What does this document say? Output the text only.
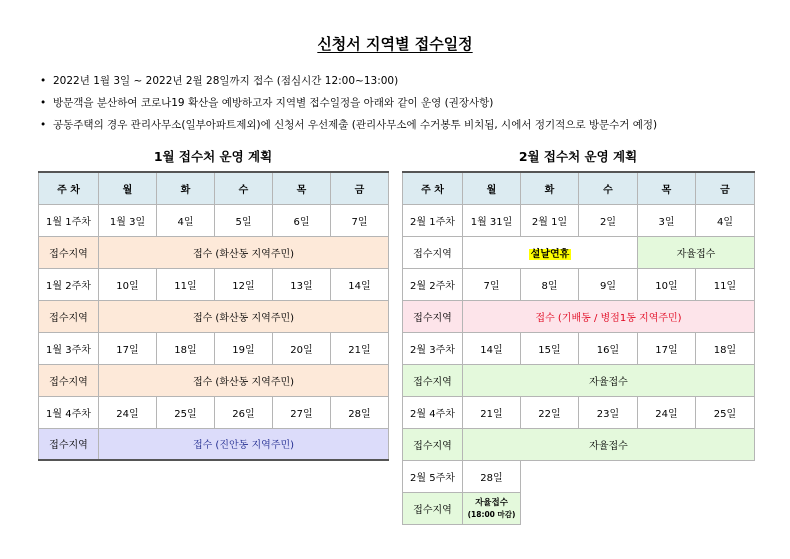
신청서 지역별 접수일정
• 2022년 1월 3일 ~ 2022년 2월 28일까지 접수 (점심시간 12:00~13:00)
• 방문객을 분산하여 코로나19 확산을 예방하고자 지역별 접수일정을 아래와 같이 운영 (권장사항)
• 공동주택의 경우 관리사무소(일부아파트제외)에 신청서 우선제출 (관리사무소에 수거봉투 비치됨, 시에서 정기적으로 방문수거 예정)
1월 접수처 운영 계획
주 차	월	화	수	목	금
1월 1주차	1월 3일	4일	5일	6일	7일
접수지역	접수 (화산동 지역주민)				
1월 2주차	10일	11일	12일	13일	14일
접수지역	접수 (화산동 지역주민)				
1월 3주차	17일	18일	19일	20일	21일
접수지역	접수 (화산동 지역주민)				
1월 4주차	24일	25일	26일	27일	28일
접수지역	접수 (진안동 지역주민)				
2월 접수처 운영 계획
주 차	월	화	수	목	금
2월 1주차	1월 31일	2월 1일	2일	3일	4일
접수지역	설날연휴			자율접수	
2월 2주차	7일	8일	9일	10일	11일
접수지역	접수 (기배동 / 병점1동 지역주민)				
2월 3주차	14일	15일	16일	17일	18일
접수지역	자율접수				
2월 4주차	21일	22일	23일	24일	25일
접수지역	자율접수				
2월 5주차	28일				
접수지역	자율접수
(18:00 마감)				
